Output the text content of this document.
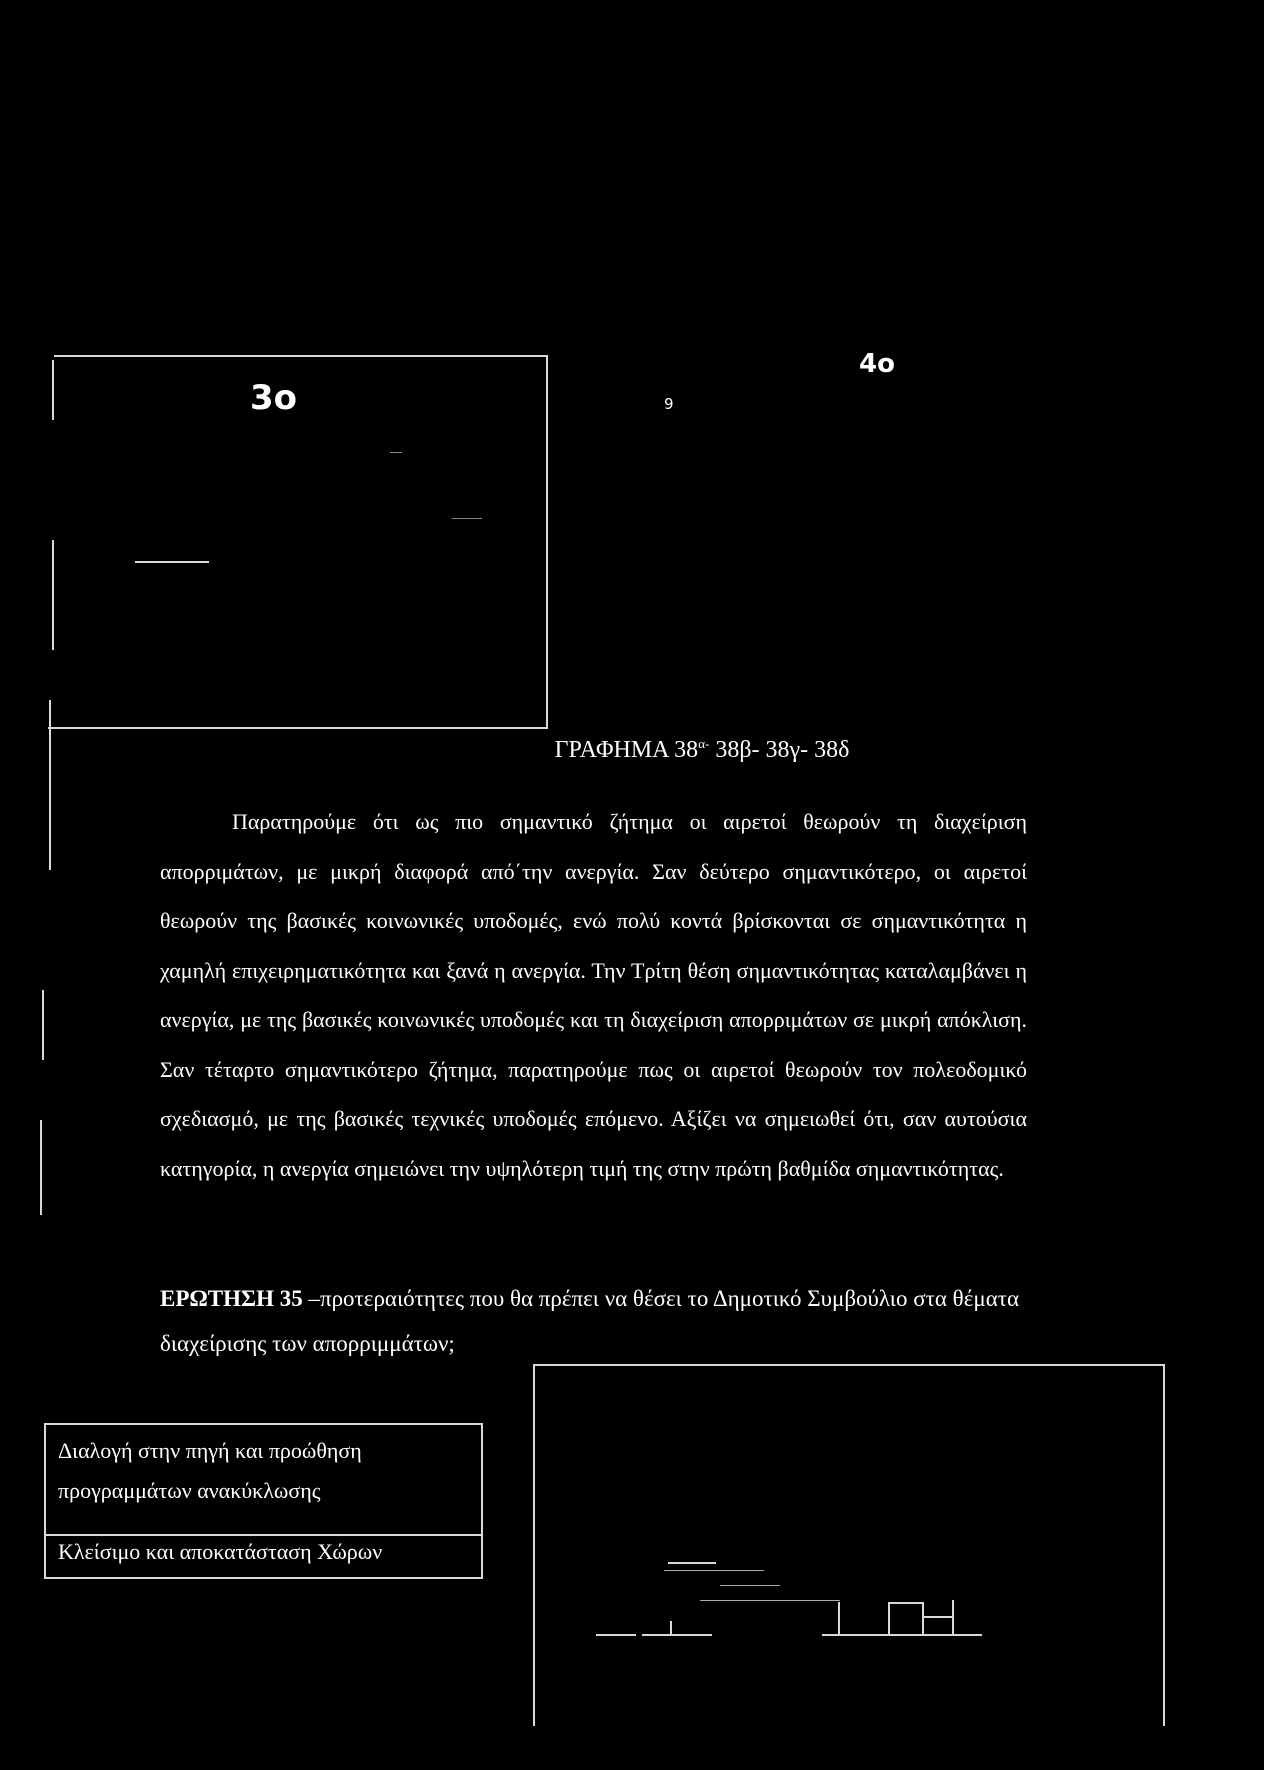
3o	9
4o
ΓΡΑΦΗΜΑ $38^{\alpha-}$ 38β- 38γ- 38δ

Παρατηρούμε ότι ως πιο σημαντικό ζήτημα οι αιρετοί θεωρούν τη διαχείριση απορριμάτων, με μικρή διαφορά από΄την ανεργία. Σαν δεύτερο σημαντικότερο, οι αιρετοί θεωρούν της βασικές κοινωνικές υποδομές, ενώ πολύ κοντά βρίσκονται σε σημαντικότητα η χαμηλή επιχειρηματικότητα και ξανά η ανεργία. Την Τρίτη θέση σημαντικότητας καταλαμβάνει η ανεργία, με της βασικές κοινωνικές υποδομές και τη διαχείριση απορριμάτων σε μικρή απόκλιση. Σαν τέταρτο σημαντικότερο ζήτημα, παρατηρούμε πως οι αιρετοί θεωρούν τον πολεοδομικό σχεδιασμό, με της βασικές τεχνικές υποδομές επόμενο. Αξίζει να σημειωθεί ότι, σαν αυτούσια κατηγορία, η ανεργία σημειώνει την υψηλότερη τιμή της στην πρώτη βαθμίδα σημαντικότητας.

ΕΡΩΤΗΣΗ 35 –προτεραιότητες που θα πρέπει να θέσει το Δημοτικό Συμβούλιο στα θέματα διαχείρισης των απορριμμάτων;
Διαλογή στην πηγή και προώθηση προγραμμάτων ανακύκλωσης
Κλείσιμο και αποκατάσταση Χώρων
